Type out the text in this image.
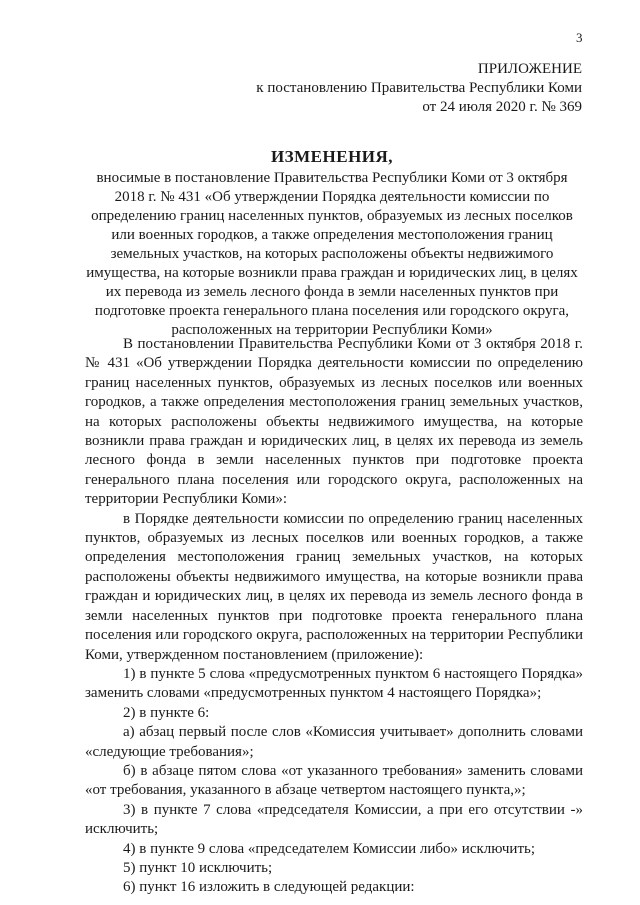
3
ПРИЛОЖЕНИЕ
к постановлению Правительства Республики Коми
от 24 июля 2020 г. № 369
ИЗМЕНЕНИЯ,
вносимые в постановление Правительства Республики Коми от 3 октября
2018 г. № 431 «Об утверждении Порядка деятельности комиссии по
определению границ населенных пунктов, образуемых из лесных поселков
или военных городков, а также определения местоположения границ
земельных участков, на которых расположены объекты недвижимого
имущества, на которые возникли права граждан и юридических лиц, в целях
их перевода из земель лесного фонда в земли населенных пунктов при
подготовке проекта генерального плана поселения или городского округа,
расположенных на территории Республики Коми»

В постановлении Правительства Республики Коми от 3 октября 2018 г. № 431 «Об утверждении Порядка деятельности комиссии по определению границ населенных пунктов, образуемых из лесных поселков или военных городков, а также определения местоположения границ земельных участков, на которых расположены объекты недвижимого имущества, на которые возникли права граждан и юридических лиц, в целях их перевода из земель лесного фонда в земли населенных пунктов при подготовке проекта генерального плана поселения или городского округа, расположенных на территории Республики Коми»:

в Порядке деятельности комиссии по определению границ населенных пунктов, образуемых из лесных поселков или военных городков, а также определения местоположения границ земельных участков, на которых расположены объекты недвижимого имущества, на которые возникли права граждан и юридических лиц, в целях их перевода из земель лесного фонда в земли населенных пунктов при подготовке проекта генерального плана поселения или городского округа, расположенных на территории Республики Коми, утвержденном постановлением (приложение):

1) в пункте 5 слова «предусмотренных пунктом 6 настоящего Порядка» заменить словами «предусмотренных пунктом 4 настоящего Порядка»;

2) в пункте 6:

а) абзац первый после слов «Комиссия учитывает» дополнить словами «следующие требования»;

б) в абзаце пятом слова «от указанного требования» заменить словами «от требования, указанного в абзаце четвертом настоящего пункта,»;

3) в пункте 7 слова «председателя Комиссии, а при его отсутствии -» исключить;

4) в пункте 9 слова «председателем Комиссии либо» исключить;

5) пункт 10 исключить;

6) пункт 16 изложить в следующей редакции:
